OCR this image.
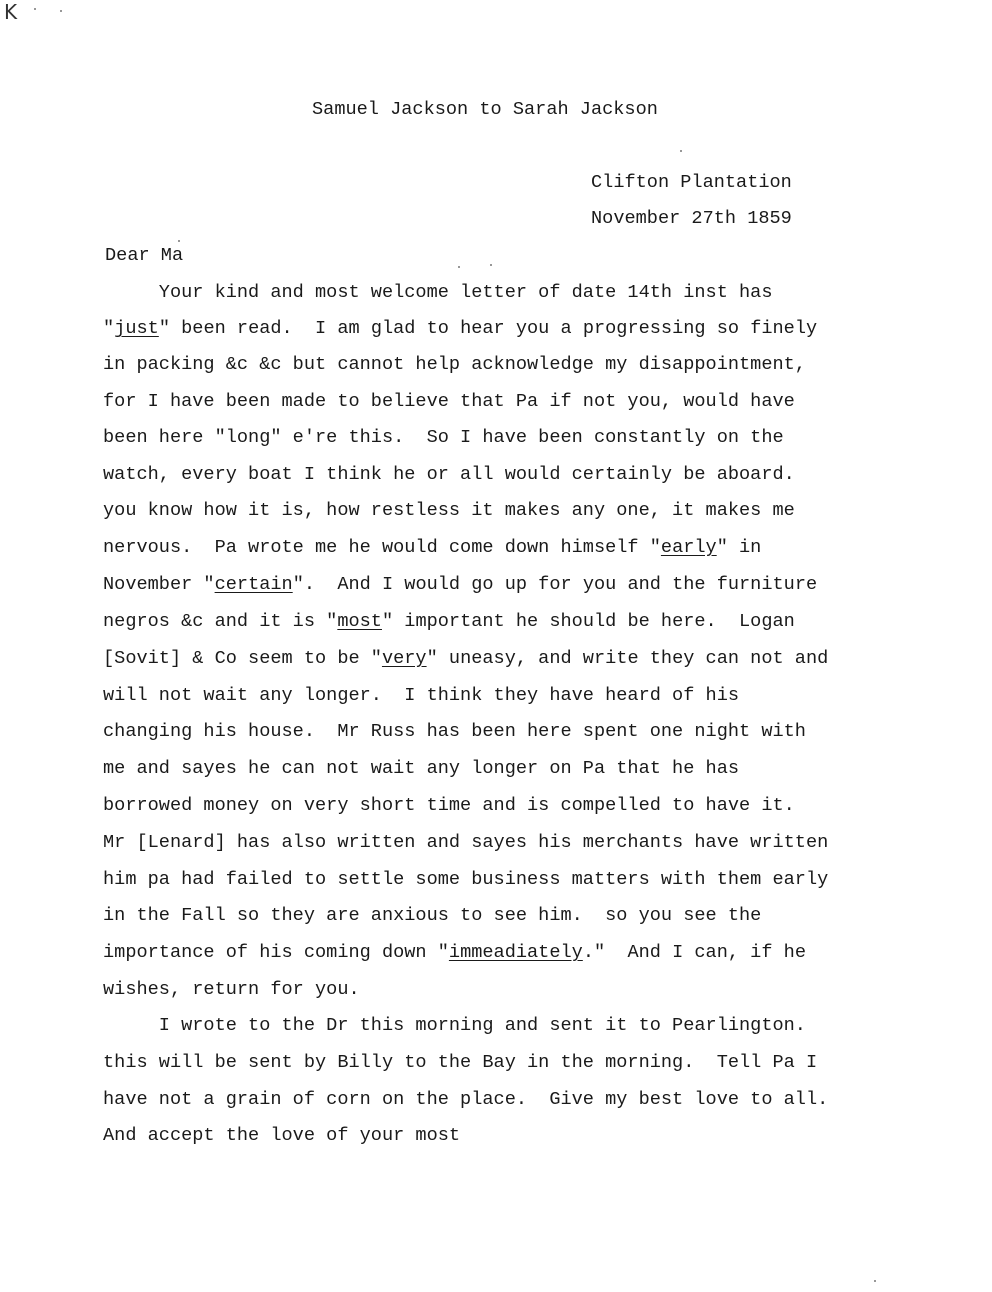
K
Samuel Jackson to Sarah Jackson
Clifton Plantation
November 27th 1859
Dear Ma
Your kind and most welcome letter of date 14th inst has
"just" been read.  I am glad to hear you a progressing so finely
in packing &c &c but cannot help acknowledge my disappointment,
for I have been made to believe that Pa if not you, would have
been here "long" e're this.  So I have been constantly on the
watch, every boat I think he or all would certainly be aboard.
you know how it is, how restless it makes any one, it makes me
nervous.  Pa wrote me he would come down himself "early" in
November "certain".  And I would go up for you and the furniture
negros &c and it is "most" important he should be here.  Logan
[Sovit] & Co seem to be "very" uneasy, and write they can not and
will not wait any longer.  I think they have heard of his
changing his house.  Mr Russ has been here spent one night with
me and sayes he can not wait any longer on Pa that he has
borrowed money on very short time and is compelled to have it.
Mr [Lenard] has also written and sayes his merchants have written
him pa had failed to settle some business matters with them early
in the Fall so they are anxious to see him.  so you see the
importance of his coming down "immeadiately."  And I can, if he
wishes, return for you.
I wrote to the Dr this morning and sent it to Pearlington.
this will be sent by Billy to the Bay in the morning.  Tell Pa I
have not a grain of corn on the place.  Give my best love to all.
And accept the love of your most
